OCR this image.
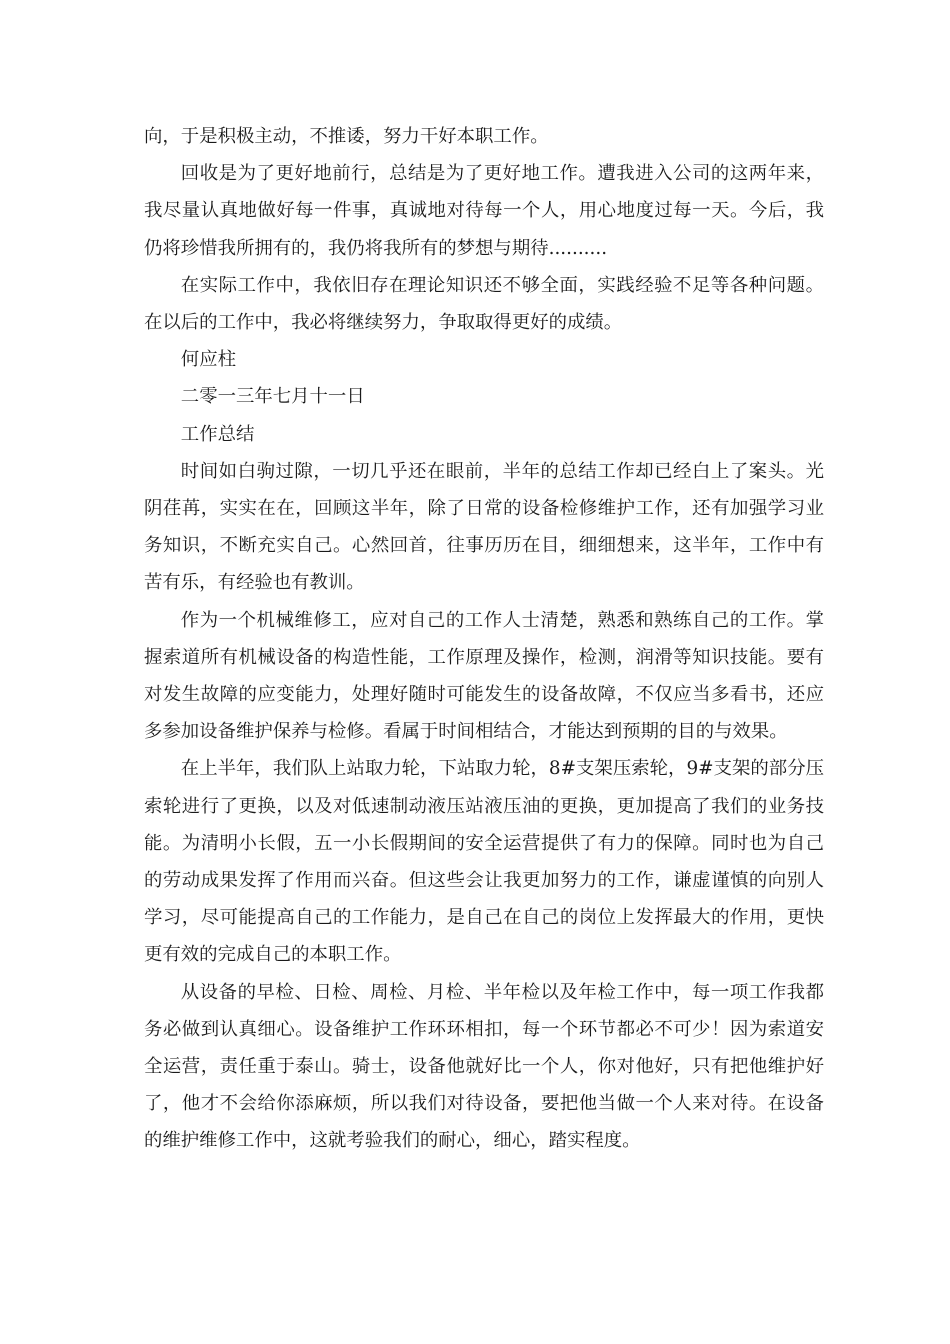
向，于是积极主动，不推诿，努力干好本职工作。

回收是为了更好地前行，总结是为了更好地工作。遭我进入公司的这两年来，我尽量认真地做好每一件事，真诚地对待每一个人，用心地度过每一天。今后，我仍将珍惜我所拥有的，我仍将我所有的梦想与期待..........

在实际工作中，我依旧存在理论知识还不够全面，实践经验不足等各种问题。在以后的工作中，我必将继续努力，争取取得更好的成绩。

何应柱

二零一三年七月十一日

工作总结

时间如白驹过隙，一切几乎还在眼前，半年的总结工作却已经白上了案头。光阴荏苒，实实在在，回顾这半年，除了日常的设备检修维护工作，还有加强学习业务知识，不断充实自己。心然回首，往事历历在目，细细想来，这半年，工作中有苦有乐，有经验也有教训。

作为一个机械维修工，应对自己的工作人士清楚，熟悉和熟练自己的工作。掌握索道所有机械设备的构造性能，工作原理及操作，检测，润滑等知识技能。要有对发生故障的应变能力，处理好随时可能发生的设备故障，不仅应当多看书，还应多参加设备维护保养与检修。看属于时间相结合，才能达到预期的目的与效果。

在上半年，我们队上站取力轮，下站取力轮，8#支架压索轮，9#支架的部分压索轮进行了更换，以及对低速制动液压站液压油的更换，更加提高了我们的业务技能。为清明小长假，五一小长假期间的安全运营提供了有力的保障。同时也为自己的劳动成果发挥了作用而兴奋。但这些会让我更加努力的工作，谦虚谨慎的向别人学习，尽可能提高自己的工作能力，是自己在自己的岗位上发挥最大的作用，更快更有效的完成自己的本职工作。

从设备的早检、日检、周检、月检、半年检以及年检工作中，每一项工作我都务必做到认真细心。设备维护工作环环相扣，每一个环节都必不可少！因为索道安全运营，责任重于泰山。骑士，设备他就好比一个人，你对他好，只有把他维护好了，他才不会给你添麻烦，所以我们对待设备，要把他当做一个人来对待。在设备的维护维修工作中，这就考验我们的耐心，细心，踏实程度。
